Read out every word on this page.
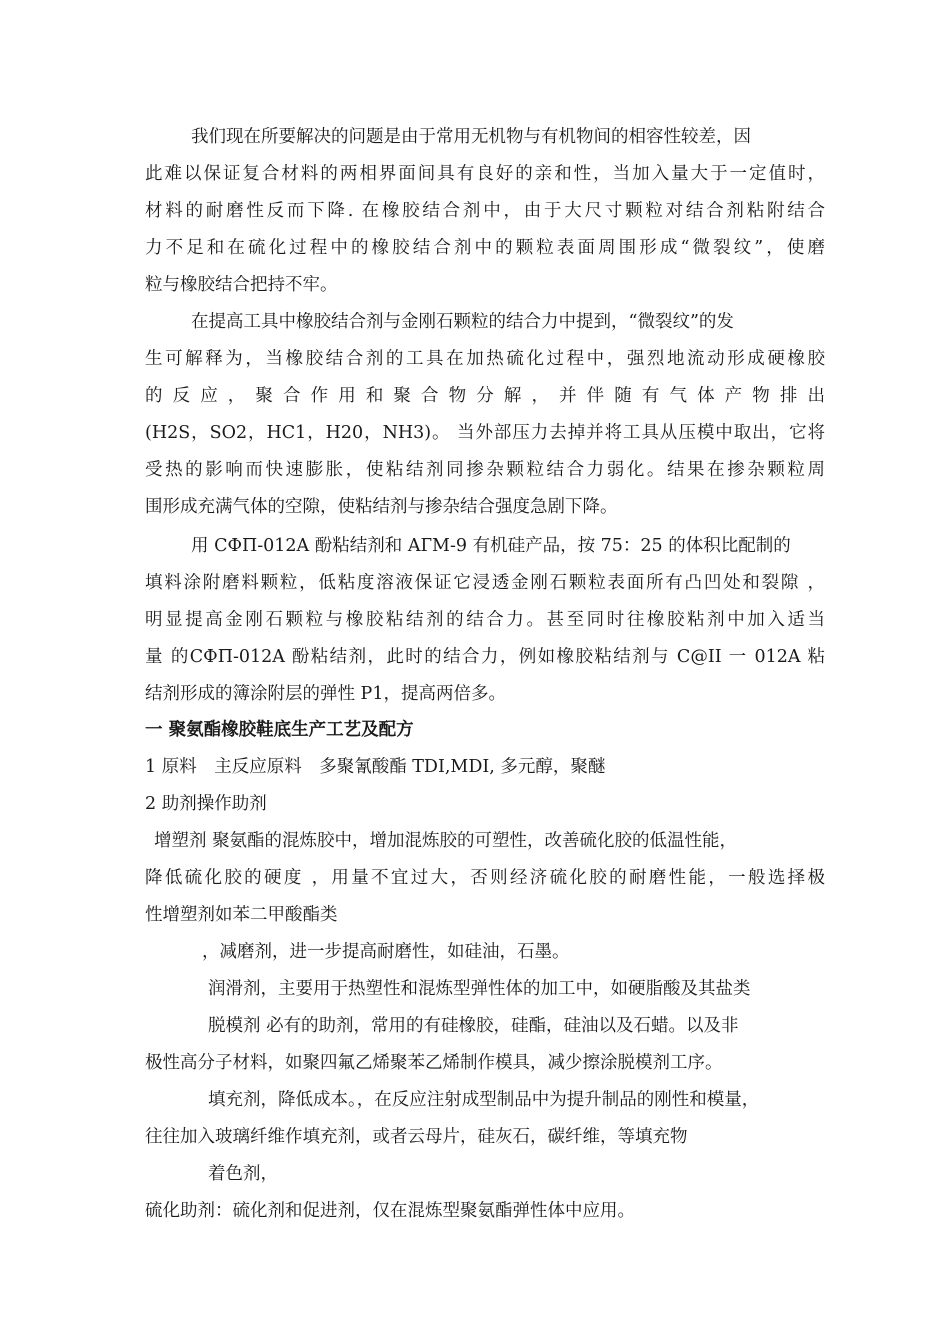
我们现在所要解决的问题是由于常用无机物与有机物间的相容性较差，因
此难以保证复合材料的两相界面间具有良好的亲和性，当加入量大于一定值时，
材料的耐磨性反而下降. 在橡胶结合剂中，由于大尺寸颗粒对结合剂粘附结合
力不足和在硫化过程中的橡胶结合剂中的颗粒表面周围形成“微裂纹”，使磨
粒与橡胶结合把持不牢。
在提高工具中橡胶结合剂与金刚石颗粒的结合力中提到，“微裂纹”的发
生可解释为，当橡胶结合剂的工具在加热硫化过程中，强烈地流动形成硬橡胶
的反应，聚合作用和聚合物分解，并伴随有气体产物排出
(H2S，SO2，HC1，H20，NH3)。 当外部压力去掉并将工具从压模中取出，它将
受热的影响而快速膨胀，使粘结剂同掺杂颗粒结合力弱化。结果在掺杂颗粒周
围形成充满气体的空隙，使粘结剂与掺杂结合强度急剧下降。
用 СФП-012A 酚粘结剂和 AГМ-9 有机硅产品，按 75：25 的体积比配制的
填料涂附磨料颗粒，低粘度溶液保证它浸透金刚石颗粒表面所有凸凹处和裂隙 ，
明显提高金刚石颗粒与橡胶粘结剂的结合力。甚至同时往橡胶粘剂中加入适当
量 的СФП-012A 酚粘结剂，此时的结合力，例如橡胶粘结剂与 C@II 一 012A 粘
结剂形成的簿涂附层的弹性 P1，提高两倍多。
一 聚氨酯橡胶鞋底生产工艺及配方
1 原料　主反应原料　多聚氰酸酯 TDI,MDI, 多元醇，聚醚
2 助剂操作助剂
增塑剂 聚氨酯的混炼胶中，增加混炼胶的可塑性，改善硫化胶的低温性能，
降低硫化胶的硬度 ，用量不宜过大，否则经济硫化胶的耐磨性能，一般选择极
性增塑剂如苯二甲酸酯类
，减磨剂，进一步提高耐磨性，如硅油，石墨。
润滑剂，主要用于热塑性和混炼型弹性体的加工中，如硬脂酸及其盐类
脱模剂 必有的助剂，常用的有硅橡胶，硅酯，硅油以及石蜡。以及非
极性高分子材料，如聚四氟乙烯聚苯乙烯制作模具，减少擦涂脱模剂工序。
填充剂，降低成本。，在反应注射成型制品中为提升制品的刚性和模量，
往往加入玻璃纤维作填充剂，或者云母片，硅灰石，碳纤维，等填充物
着色剂，
硫化助剂：硫化剂和促进剂，仅在混炼型聚氨酯弹性体中应用。
